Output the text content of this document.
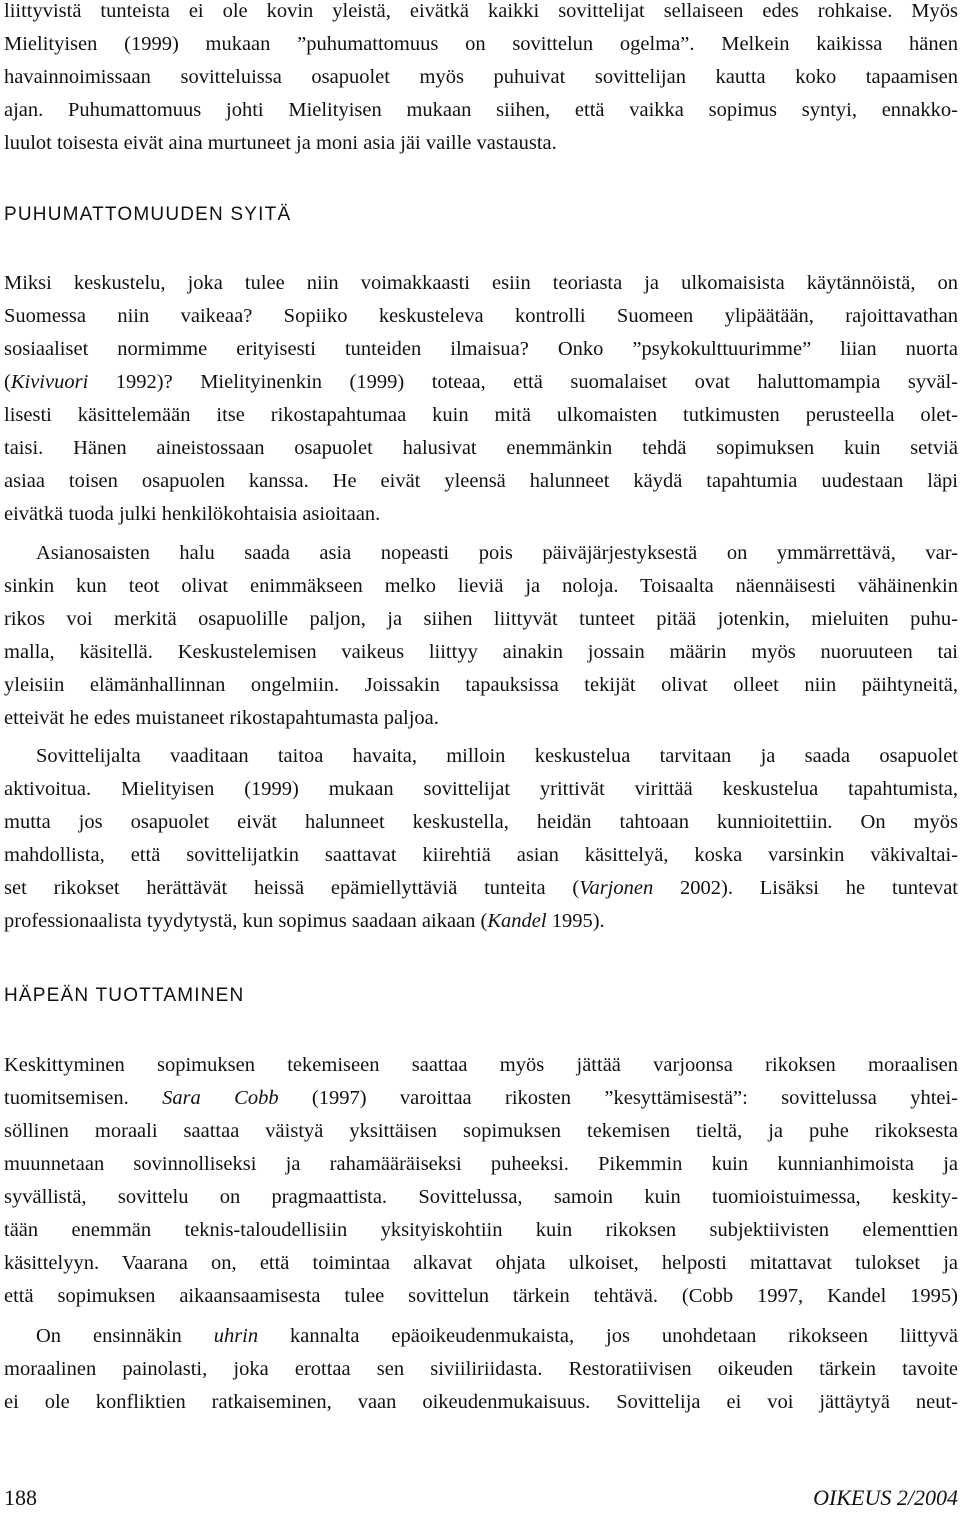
liittyvistä tunteista ei ole kovin yleistä, eivätkä kaikki sovittelijat sellaiseen edes rohkaise. Myös
Mielityisen (1999) mukaan ”puhumattomuus on sovittelun ogelma”. Melkein kaikissa hänen
havainnoimissaan sovitteluissa osapuolet myös puhuivat sovittelijan kautta koko tapaamisen
ajan. Puhumattomuus johti Mielityisen mukaan siihen, että vaikka sopimus syntyi, ennakko-
luulot toisesta eivät aina murtuneet ja moni asia jäi vaille vastausta.
PUHUMATTOMUUDEN SYITÄ
Miksi keskustelu, joka tulee niin voimakkaasti esiin teoriasta ja ulkomaisista käytännöistä, on
Suomessa niin vaikeaa? Sopiiko keskusteleva kontrolli Suomeen ylipäätään, rajoittavathan
sosiaaliset normimme erityisesti tunteiden ilmaisua? Onko ”psykokulttuurimme” liian nuorta
(Kivivuori 1992)? Mielityinenkin (1999) toteaa, että suomalaiset ovat haluttomampia syväl-
lisesti käsittelemään itse rikostapahtumaa kuin mitä ulkomaisten tutkimusten perusteella olet-
taisi. Hänen aineistossaan osapuolet halusivat enemmänkin tehdä sopimuksen kuin setviä
asiaa toisen osapuolen kanssa. He eivät yleensä halunneet käydä tapahtumia uudestaan läpi
eivätkä tuoda julki henkilökohtaisia asioitaan.
Asianosaisten halu saada asia nopeasti pois päiväjärjestyksestä on ymmärrettävä, var-
sinkin kun teot olivat enimmäkseen melko lieviä ja noloja. Toisaalta näennäisesti vähäinenkin
rikos voi merkitä osapuolille paljon, ja siihen liittyvät tunteet pitää jotenkin, mieluiten puhu-
malla, käsitellä. Keskustelemisen vaikeus liittyy ainakin jossain määrin myös nuoruuteen tai
yleisiin elämänhallinnan ongelmiin. Joissakin tapauksissa tekijät olivat olleet niin päihtyneitä,
etteivät he edes muistaneet rikostapahtumasta paljoa.
Sovittelijalta vaaditaan taitoa havaita, milloin keskustelua tarvitaan ja saada osapuolet
aktivoitua. Mielityisen (1999) mukaan sovittelijat yrittivät virittää keskustelua tapahtumista,
mutta jos osapuolet eivät halunneet keskustella, heidän tahtoaan kunnioitettiin. On myös
mahdollista, että sovittelijatkin saattavat kiirehtiä asian käsittelyä, koska varsinkin väkivaltai-
set rikokset herättävät heissä epämiellyttäviä tunteita (Varjonen 2002). Lisäksi he tuntevat
professionaalista tyydytystä, kun sopimus saadaan aikaan (Kandel 1995).
HÄPEÄN TUOTTAMINEN
Keskittyminen sopimuksen tekemiseen saattaa myös jättää varjoonsa rikoksen moraalisen
tuomitsemisen. Sara Cobb (1997) varoittaa rikosten ”kesyttämisestä”: sovittelussa yhtei-
söllinen moraali saattaa väistyä yksittäisen sopimuksen tekemisen tieltä, ja puhe rikoksesta
muunnetaan sovinnolliseksi ja rahamääräiseksi puheeksi. Pikemmin kuin kunnianhimoista ja
syvällistä, sovittelu on pragmaattista. Sovittelussa, samoin kuin tuomioistuimessa, keskity-
tään enemmän teknis-taloudellisiin yksityiskohtiin kuin rikoksen subjektiivisten elementtien
käsittelyyn. Vaarana on, että toimintaa alkavat ohjata ulkoiset, helposti mitattavat tulokset ja
että sopimuksen aikaansaamisesta tulee sovittelun tärkein tehtävä. (Cobb 1997, Kandel 1995)
On ensinnäkin uhrin kannalta epäoikeudenmukaista, jos unohdetaan rikokseen liittyvä
moraalinen painolasti, joka erottaa sen siviiliriidasta. Restoratiivisen oikeuden tärkein tavoite
ei ole konfliktien ratkaiseminen, vaan oikeudenmukaisuus. Sovittelija ei voi jättäytyä neut-
188	OIKEUS 2/2004
